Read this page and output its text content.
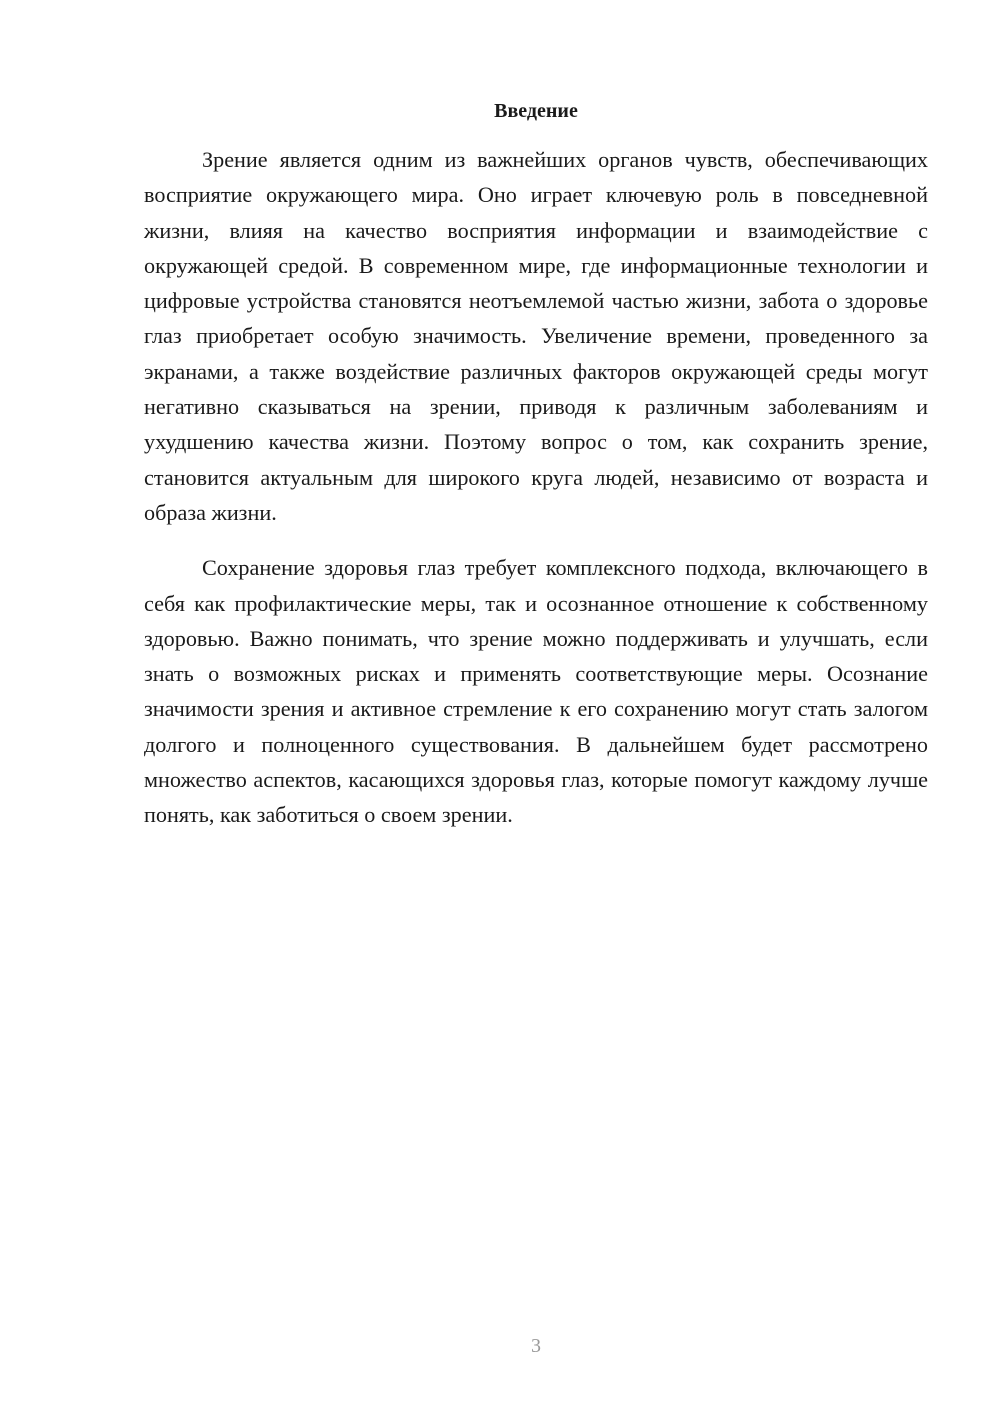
Введение

Зрение является одним из важнейших органов чувств, обеспечивающих восприятие окружающего мира. Оно играет ключевую роль в повседневной жизни, влияя на качество восприятия информации и взаимодействие с окружающей средой. В современном мире, где информационные технологии и цифровые устройства становятся неотъемлемой частью жизни, забота о здоровье глаз приобретает особую значимость. Увеличение времени, проведенного за экранами, а также воздействие различных факторов окружающей среды могут негативно сказываться на зрении, приводя к различным заболеваниям и ухудшению качества жизни. Поэтому вопрос о том, как сохранить зрение, становится актуальным для широкого круга людей, независимо от возраста и образа жизни.

Сохранение здоровья глаз требует комплексного подхода, включающего в себя как профилактические меры, так и осознанное отношение к собственному здоровью. Важно понимать, что зрение можно поддерживать и улучшать, если знать о возможных рисках и применять соответствующие меры. Осознание значимости зрения и активное стремление к его сохранению могут стать залогом долгого и полноценного существования. В дальнейшем будет рассмотрено множество аспектов, касающихся здоровья глаз, которые помогут каждому лучше понять, как заботиться о своем зрении.

3
